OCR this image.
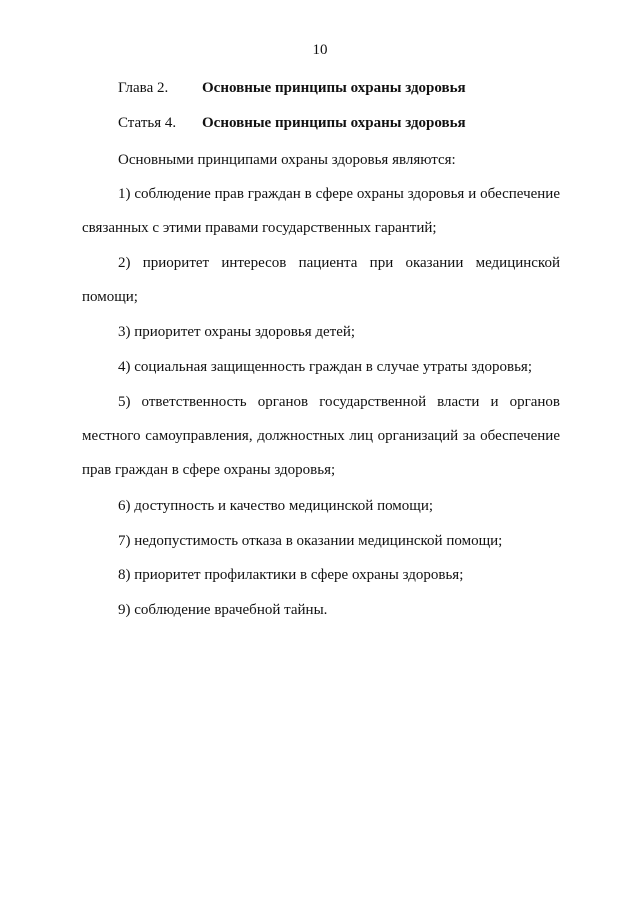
10
Глава 2. Основные принципы охраны здоровья
Статья 4. Основные принципы охраны здоровья

Основными принципами охраны здоровья являются:

1) соблюдение прав граждан в сфере охраны здоровья и обеспечение связанных с этими правами государственных гарантий;

2) приоритет интересов пациента при оказании медицинской помощи;

3) приоритет охраны здоровья детей;

4) социальная защищенность граждан в случае утраты здоровья;

5) ответственность органов государственной власти и органов местного самоуправления, должностных лиц организаций за обеспечение прав граждан в сфере охраны здоровья;

6) доступность и качество медицинской помощи;

7) недопустимость отказа в оказании медицинской помощи;

8) приоритет профилактики в сфере охраны здоровья;

9) соблюдение врачебной тайны.
